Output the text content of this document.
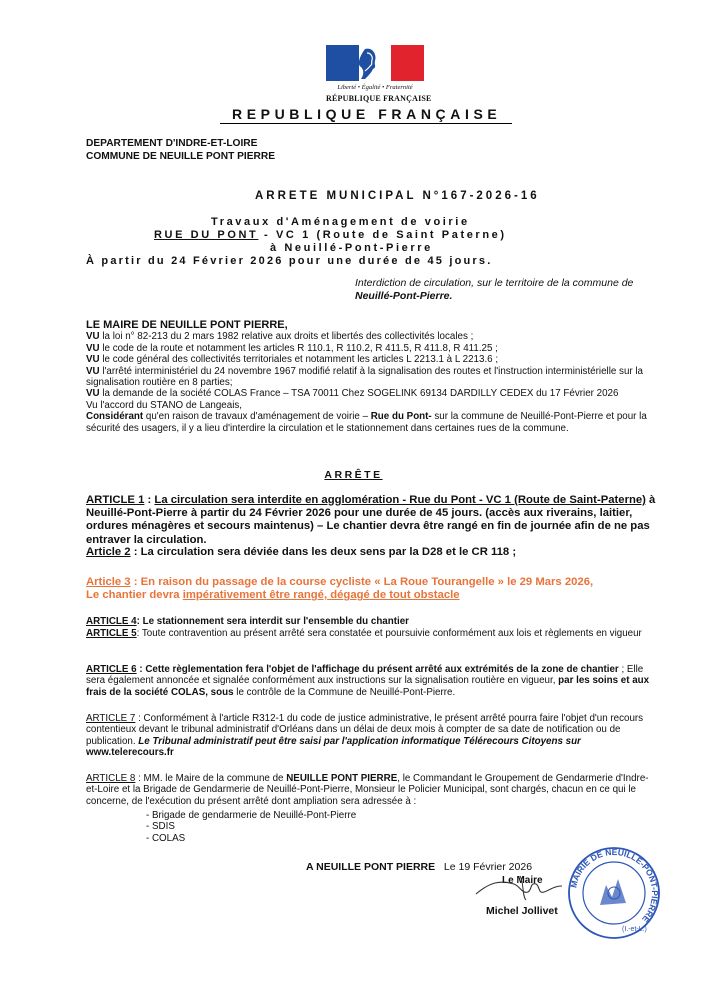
Liberté • Égalité • Fraternité
RÉPUBLIQUE FRANÇAISE
REPUBLIQUE FRANÇAISE
DEPARTEMENT D'INDRE-ET-LOIRE
COMMUNE DE NEUILLE PONT PIERRE
ARRETE MUNICIPAL N°167-2026-16
Travaux d'Aménagement de voirie
RUE DU PONT - VC 1 (Route de Saint Paterne)
à Neuillé-Pont-Pierre
À partir du 24 Février 2026 pour une durée de 45 jours.
Interdiction de circulation, sur le territoire de la commune de Neuillé-Pont-Pierre.
LE MAIRE DE NEUILLE PONT PIERRE,
VU la loi n° 82-213 du 2 mars 1982 relative aux droits et libertés des collectivités locales ;
VU le code de la route et notamment les articles R 110.1, R 110.2, R 411.5, R 411.8, R 411.25 ;
VU le code général des collectivités territoriales et notamment les articles L 2213.1 à L 2213.6 ;
VU l'arrêté interministériel du 24 novembre 1967 modifié relatif à la signalisation des routes et l'instruction interministérielle sur la signalisation routière en 8 parties;
VU la demande de la société COLAS France – TSA 70011 Chez SOGELINK 69134 DARDILLY CEDEX du 17 Février 2026
Vu l'accord du STANO de Langeais,
Considérant qu'en raison de travaux d'aménagement de voirie – Rue du Pont- sur la commune de Neuillé-Pont-Pierre et pour la sécurité des usagers, il y a lieu d'interdire la circulation et le stationnement dans certaines rues de la commune.
ARRÊTE
ARTICLE 1 : La circulation sera interdite en agglomération - Rue du Pont - VC 1 (Route de Saint-Paterne) à Neuillé-Pont-Pierre à partir du 24 Février 2026 pour une durée de 45 jours. (accès aux riverains, laitier, ordures ménagères et secours maintenus) – Le chantier devra être rangé en fin de journée afin de ne pas entraver la circulation.
Article 2 : La circulation sera déviée dans les deux sens par la D28 et le CR 118 ;
Article 3 : En raison du passage de la course cycliste « La Roue Tourangelle » le 29 Mars 2026,
Le chantier devra impérativement être rangé, dégagé de tout obstacle
ARTICLE 4: Le stationnement sera interdit sur l'ensemble du chantier
ARTICLE 5: Toute contravention au présent arrêté sera constatée et poursuivie conformément aux lois et règlements en vigueur
ARTICLE 6 : Cette règlementation fera l'objet de l'affichage du présent arrêté aux extrémités de la zone de chantier ; Elle sera également annoncée et signalée conformément aux instructions sur la signalisation routière en vigueur, par les soins et aux frais de la société COLAS, sous le contrôle de la Commune de Neuillé-Pont-Pierre.
ARTICLE 7 : Conformément à l'article R312-1 du code de justice administrative, le présent arrêté pourra faire l'objet d'un recours contentieux devant le tribunal administratif d'Orléans dans un délai de deux mois à compter de sa date de notification ou de publication. Le Tribunal administratif peut être saisi par l'application informatique Télérecours Citoyens sur www.telerecours.fr
ARTICLE 8 : MM. le Maire de la commune de NEUILLE PONT PIERRE, le Commandant le Groupement de Gendarmerie d'Indre-et-Loire et la Brigade de Gendarmerie de Neuillé-Pont-Pierre, Monsieur le Policier Municipal, sont chargés, chacun en ce qui le concerne, de l'exécution du présent arrêté dont ampliation sera adressée à :
- Brigade de gendarmerie de Neuillé-Pont-Pierre
- SDIS
- COLAS
A NEUILLE PONT PIERRE Le 19 Février 2026
Le Maire
Michel Jollivet
MAIRIE DE NEUILLÉ-PONT-PIERRE
(I.-et-L.)
